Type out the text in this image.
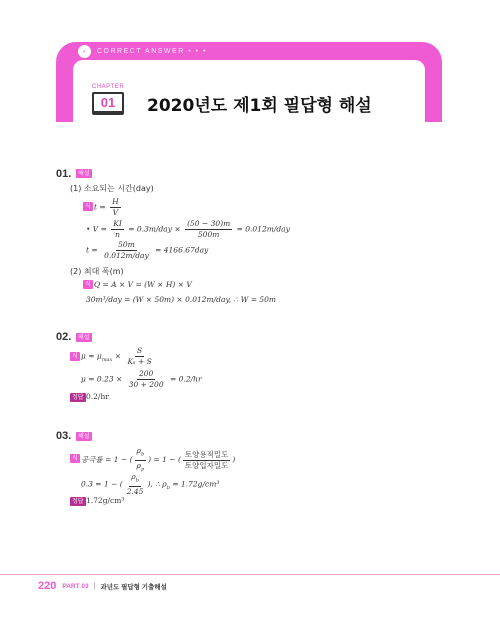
✓	CORRECT ANSWER • • •
CHAPTER
01	2020년도 제1회 필답형 해설
01.	해설
(1) 소요되는 시간(day)
식 $t = \frac{H}{V}$
• $V = \frac{KI}{n} = 0.3m/day \times \frac{(50 - 30)m}{500m} = 0.012m/day$
$t = \frac{50m}{\text{0.012m/day}} = 4166.67day$
(2) 최대 폭(m)
식 Q = A × V = (W × H) × V
30m³/day = (W × 50m) × 0.012m/day, ∴ W = 50m
02.	해설
식 $\mu = \mu_{max} \times \frac{S}{\text{Kₛ + S}}$
$\mu = 0.23 \times \frac{200}{30 + 200} = 0.2/hr$
정답 0.2/hr
03.	해설
식 공극률 = 1 − ( $\frac{\rho_b}{\rho_p}$ ) = 1 − ( $\frac{\text{토양용적밀도}}{\text{토양입자밀도}}$ )
0.3 = 1 − ( $\frac{\rho_b}{2.45}$ ), ∴ $\rho_b = 1.72g/cm^3$
정답 1.72g/cm³
220 PART 03 | 과년도 필답형 기출해설
